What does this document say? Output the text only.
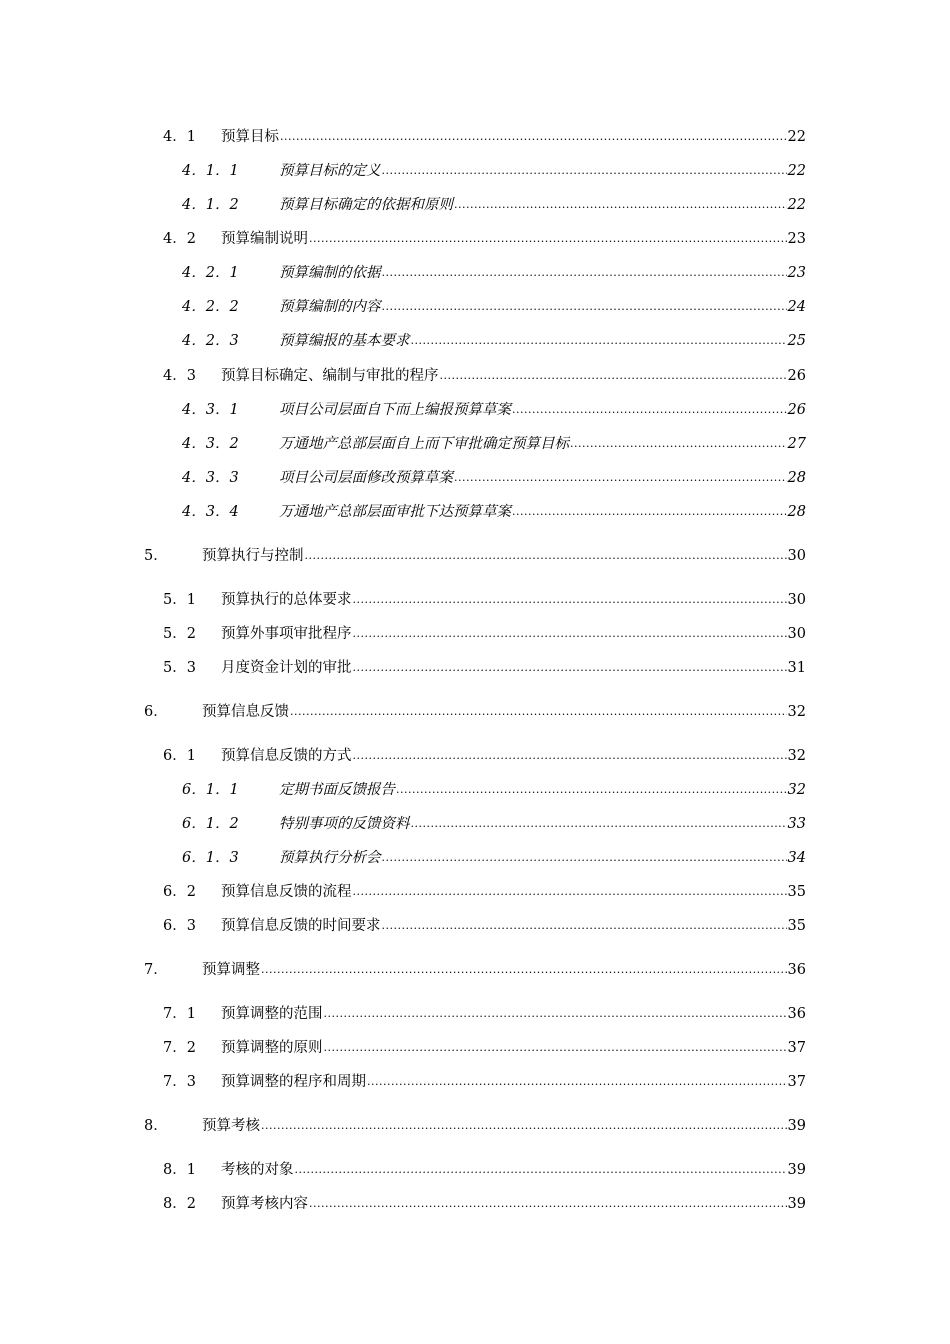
4．1	预算目标 .....	22
4．1．1	预算目标的定义 .....	22
4．1．2	预算目标确定的依据和原则 .....	22
4．2	预算编制说明 .....	23
4．2．1	预算编制的依据 .....	23
4．2．2	预算编制的内容 .....	24
4．2．3	预算编报的基本要求 .....	25
4．3	预算目标确定、编制与审批的程序 .....	26
4．3．1	项目公司层面自下而上编报预算草案 .....	26
4．3．2	万通地产总部层面自上而下审批确定预算目标 .....	27
4．3．3	项目公司层面修改预算草案 .....	28
4．3．4	万通地产总部层面审批下达预算草案 .....	28
5．	预算执行与控制 .....	30
5．1	预算执行的总体要求 .....	30
5．2	预算外事项审批程序 .....	30
5．3	月度资金计划的审批 .....	31
6．	预算信息反馈 .....	32
6．1	预算信息反馈的方式 .....	32
6．1．1	定期书面反馈报告 .....	32
6．1．2	特别事项的反馈资料 .....	33
6．1．3	预算执行分析会 .....	34
6．2	预算信息反馈的流程 .....	35
6．3	预算信息反馈的时间要求 .....	35
7．	预算调整 .....	36
7．1	预算调整的范围 .....	36
7．2	预算调整的原则 .....	37
7．3	预算调整的程序和周期 .....	37
8．	预算考核 .....	39
8．1	考核的对象 .....	39
8．2	预算考核内容 .....	39
